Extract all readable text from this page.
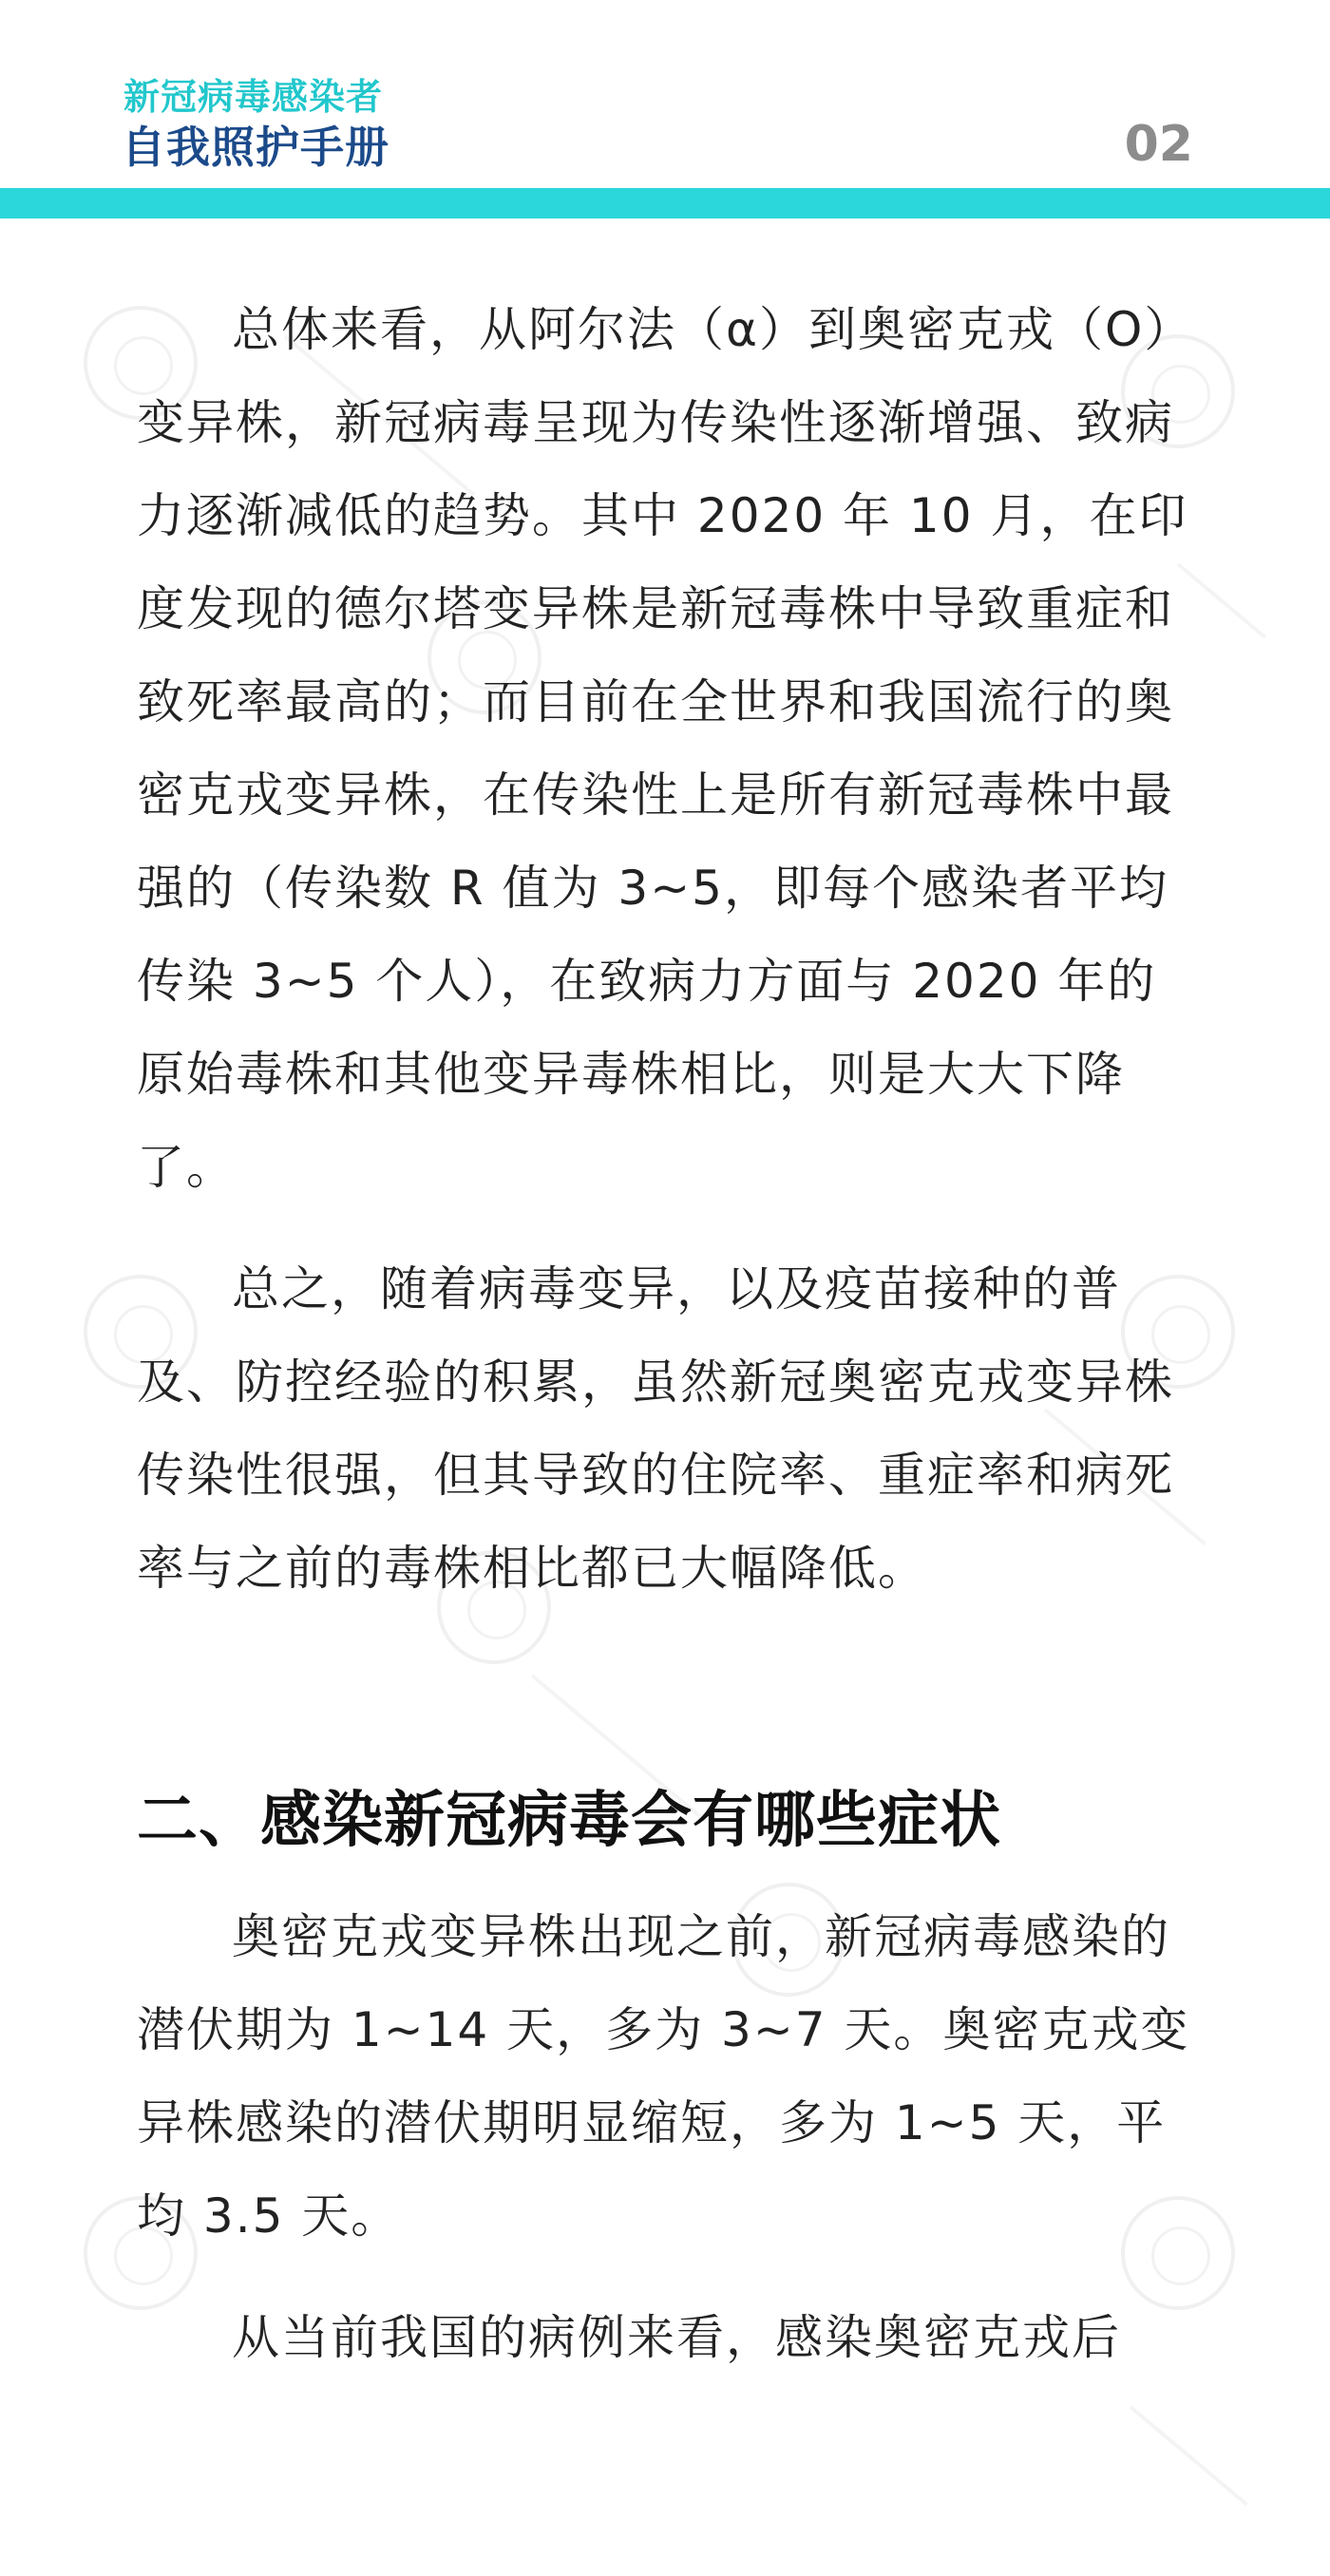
新冠病毒感染者
自我照护手册	02

总体来看，从阿尔法（α）到奥密克戎（O）变异株，新冠病毒呈现为传染性逐渐增强、致病力逐渐减低的趋势。其中 2020 年 10 月，在印度发现的德尔塔变异株是新冠毒株中导致重症和致死率最高的；而目前在全世界和我国流行的奥密克戎变异株，在传染性上是所有新冠毒株中最强的（传染数 R 值为 3~5，即每个感染者平均传染 3~5 个人），在致病力方面与 2020 年的原始毒株和其他变异毒株相比，则是大大下降了。

总之，随着病毒变异，以及疫苗接种的普及、防控经验的积累，虽然新冠奥密克戎变异株传染性很强，但其导致的住院率、重症率和病死率与之前的毒株相比都已大幅降低。

二、感染新冠病毒会有哪些症状

奥密克戎变异株出现之前，新冠病毒感染的潜伏期为 1~14 天，多为 3~7 天。奥密克戎变异株感染的潜伏期明显缩短，多为 1~5 天，平均 3.5 天。

从当前我国的病例来看，感染奥密克戎后
